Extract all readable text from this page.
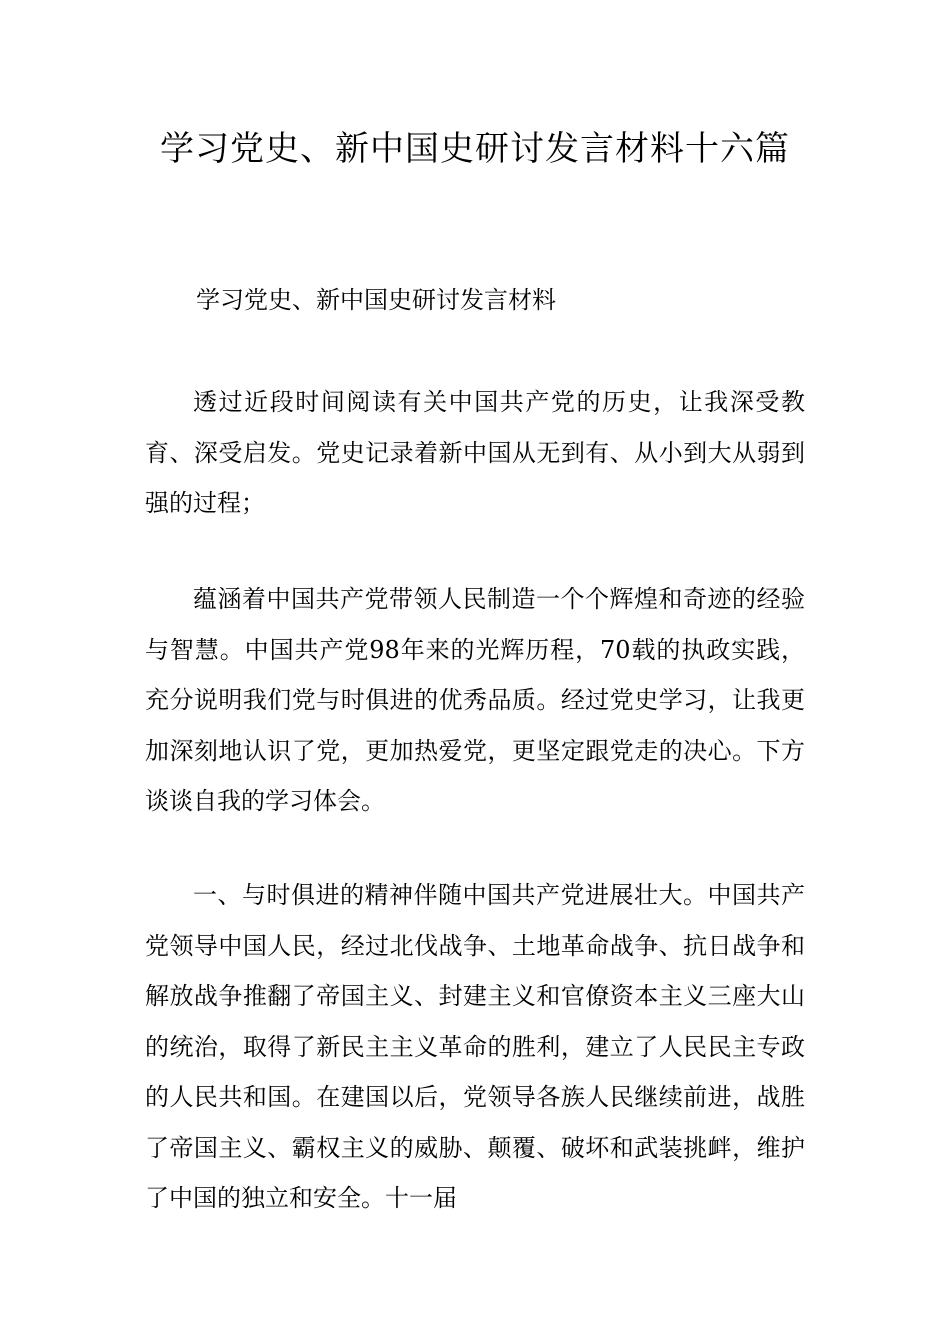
学习党史、新中国史研讨发言材料十六篇

学习党史、新中国史研讨发言材料

透过近段时间阅读有关中国共产党的历史，让我深受教育、深受启发。党史记录着新中国从无到有、从小到大从弱到强的过程；

蕴涵着中国共产党带领人民制造一个个辉煌和奇迹的经验与智慧。中国共产党98年来的光辉历程，70载的执政实践，充分说明我们党与时俱进的优秀品质。经过党史学习，让我更加深刻地认识了党，更加热爱党，更坚定跟党走的决心。下方谈谈自我的学习体会。

一、与时俱进的精神伴随中国共产党进展壮大。中国共产党领导中国人民，经过北伐战争、土地革命战争、抗日战争和解放战争推翻了帝国主义、封建主义和官僚资本主义三座大山的统治，取得了新民主主义革命的胜利，建立了人民民主专政的人民共和国。在建国以后，党领导各族人民继续前进，战胜了帝国主义、霸权主义的威胁、颠覆、破坏和武装挑衅，维护了中国的独立和安全。十一届
